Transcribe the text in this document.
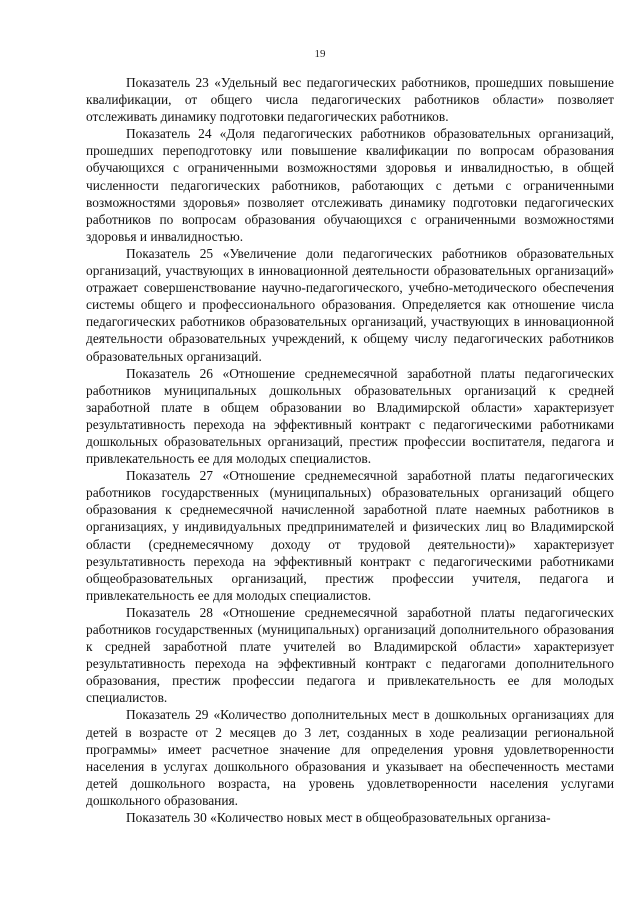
19

Показатель 23 «Удельный вес педагогических работников, прошедших повышение квалификации, от общего числа педагогических работников области» позволяет отслеживать динамику подготовки педагогических работников.

Показатель 24 «Доля педагогических работников образовательных организаций, прошедших переподготовку или повышение квалификации по вопросам образования обучающихся с ограниченными возможностями здоровья и инвалидностью, в общей численности педагогических работников, работающих с детьми с ограниченными возможностями здоровья» позволяет отслеживать динамику подготовки педагогических работников по вопросам образования обучающихся с ограниченными возможностями здоровья и инвалидностью.

Показатель 25 «Увеличение доли педагогических работников образовательных организаций, участвующих в инновационной деятельности образовательных организаций» отражает совершенствование научно-педагогического, учебно-методического обеспечения системы общего и профессионального образования. Определяется как отношение числа педагогических работников образовательных организаций, участвующих в инновационной деятельности образовательных учреждений, к общему числу педагогических работников образовательных организаций.

Показатель 26 «Отношение среднемесячной заработной платы педагогических работников муниципальных дошкольных образовательных организаций к средней заработной плате в общем образовании во Владимирской области» характеризует результативность перехода на эффективный контракт с педагогическими работниками дошкольных образовательных организаций, престиж профессии воспитателя, педагога и привлекательность ее для молодых специалистов.

Показатель 27 «Отношение среднемесячной заработной платы педагогических работников государственных (муниципальных) образовательных организаций общего образования к среднемесячной начисленной заработной плате наемных работников в организациях, у индивидуальных предпринимателей и физических лиц во Владимирской области (среднемесячному доходу от трудовой деятельности)» характеризует результативность перехода на эффективный контракт с педагогическими работниками общеобразовательных организаций, престиж профессии учителя, педагога и привлекательность ее для молодых специалистов.

Показатель 28 «Отношение среднемесячной заработной платы педагогических работников государственных (муниципальных) организаций дополнительного образования к средней заработной плате учителей во Владимирской области» характеризует результативность перехода на эффективный контракт с педагогами дополнительного образования, престиж профессии педагога и привлекательность ее для молодых специалистов.

Показатель 29 «Количество дополнительных мест в дошкольных организациях для детей в возрасте от 2 месяцев до 3 лет, созданных в ходе реализации региональной программы» имеет расчетное значение для определения уровня удовлетворенности населения в услугах дошкольного образования и указывает на обеспеченность местами детей дошкольного возраста, на уровень удовлетворенности населения услугами дошкольного образования.

Показатель 30 «Количество новых мест в общеобразовательных организа-
